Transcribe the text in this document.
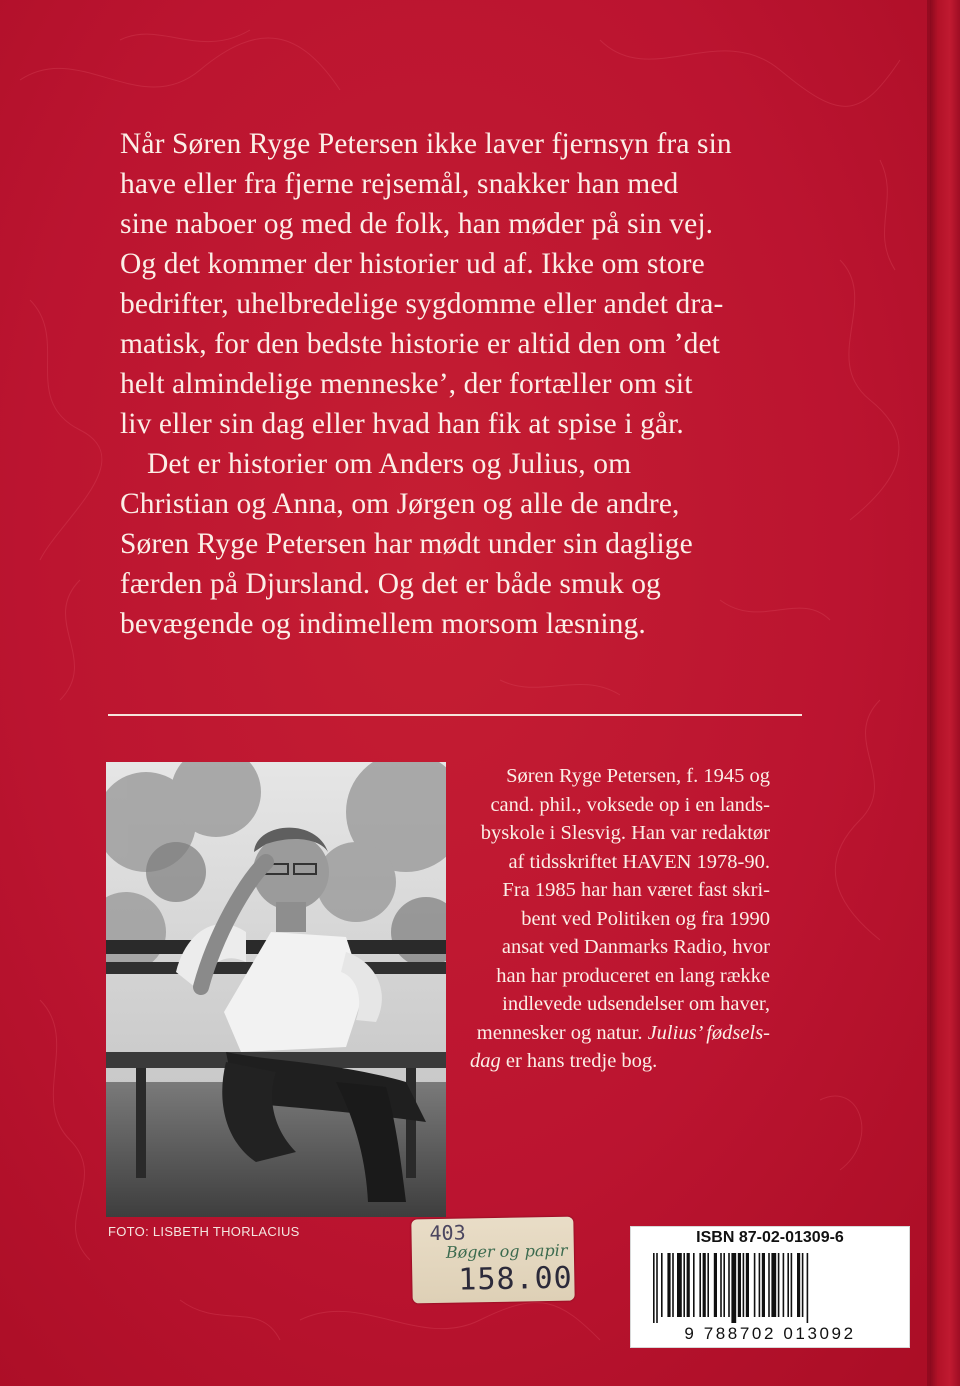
Når Søren Ryge Petersen ikke laver fjernsyn fra sin
have eller fra fjerne rejsemål, snakker han med
sine naboer og med de folk, han møder på sin vej.
Og det kommer der historier ud af. Ikke om store
bedrifter, uhelbredelige sygdomme eller andet dra-
matisk, for den bedste historie er altid den om ’det
helt almindelige menneske’, der fortæller om sit
liv eller sin dag eller hvad han fik at spise i går.

Det er historier om Anders og Julius, om
Christian og Anna, om Jørgen og alle de andre,
Søren Ryge Petersen har mødt under sin daglige
færden på Djursland. Og det er både smuk og
bevægende og indimellem morsom læsning.

FOTO: LISBETH THORLACIUS
Søren Ryge Petersen, f. 1945 og
cand. phil., voksede op i en lands-
byskole i Slesvig. Han var redaktør
af tidsskriftet HAVEN 1978-90.
Fra 1985 har han været fast skri-
bent ved Politiken og fra 1990
ansat ved Danmarks Radio, hvor
han har produceret en lang række
indlevede udsendelser om haver,
mennesker og natur. Julius’ fødsels-
dag er hans tredje bog.
403
Bøger og papir
158.00
ISBN 87-02-01309-6
9 788702 013092
